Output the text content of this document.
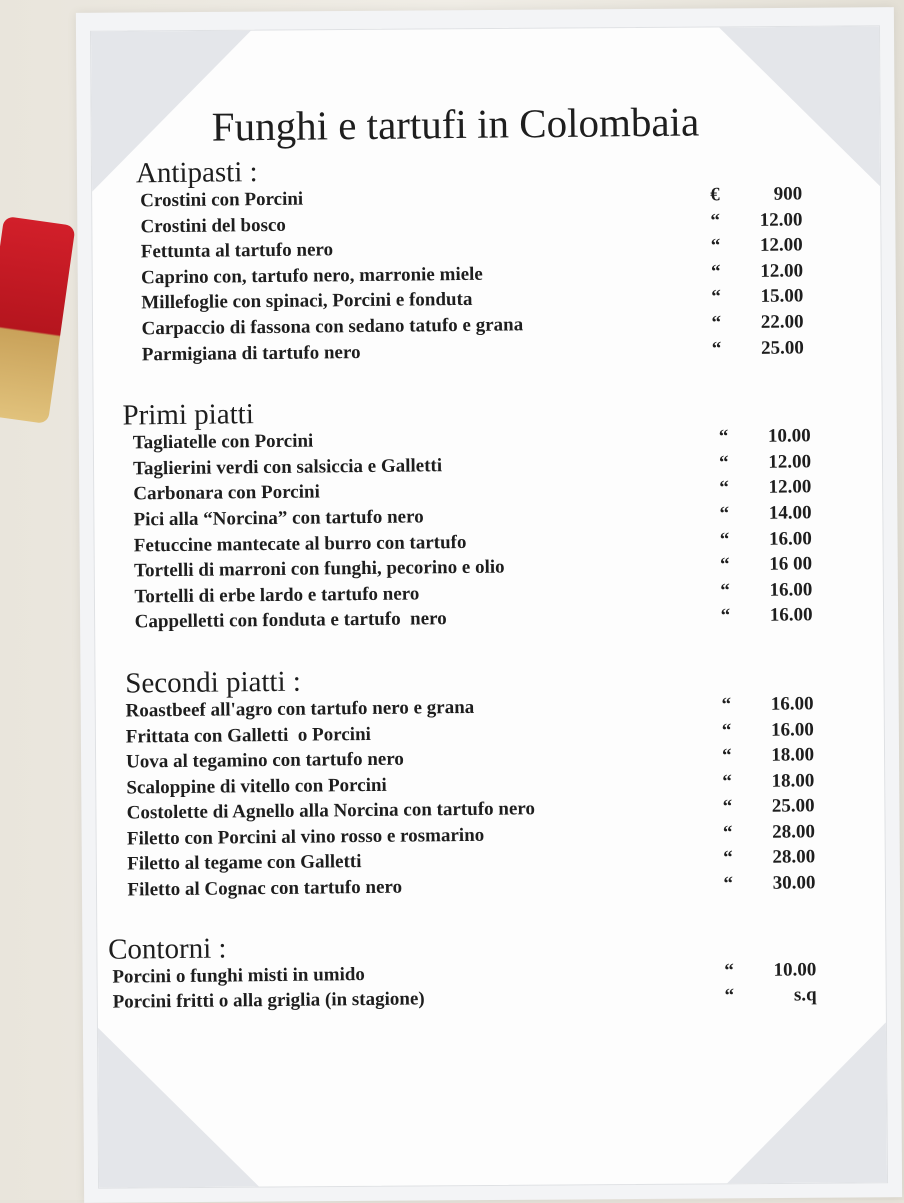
Funghi e tartufi in Colombaia
Antipasti :
Crostini con Porcini	€	900
Crostini del bosco	“	12.00
Fettunta al tartufo nero	“	12.00
Caprino con, tartufo nero, marronie miele	“	12.00
Millefoglie con spinaci, Porcini e fonduta	“	15.00
Carpaccio di fassona con sedano tatufo e grana	“	22.00
Parmigiana di tartufo nero	“	25.00
Primi piatti
Tagliatelle con Porcini	“	10.00
Taglierini verdi con salsiccia e Galletti	“	12.00
Carbonara con Porcini	“	12.00
Pici alla “Norcina” con tartufo nero	“	14.00
Fetuccine mantecate al burro con tartufo	“	16.00
Tortelli di marroni con funghi, pecorino e olio	“	16 00
Tortelli di erbe lardo e tartufo nero	“	16.00
Cappelletti con fonduta e tartufo  nero	“	16.00
Secondi piatti :
Roastbeef all'agro con tartufo nero e grana	“	16.00
Frittata con Galletti  o Porcini	“	16.00
Uova al tegamino con tartufo nero	“	18.00
Scaloppine di vitello con Porcini	“	18.00
Costolette di Agnello alla Norcina con tartufo nero	“	25.00
Filetto con Porcini al vino rosso e rosmarino	“	28.00
Filetto al tegame con Galletti	“	28.00
Filetto al Cognac con tartufo nero	“	30.00
Contorni :
Porcini o funghi misti in umido	“	10.00
Porcini fritti o alla griglia (in stagione)	“	s.q
